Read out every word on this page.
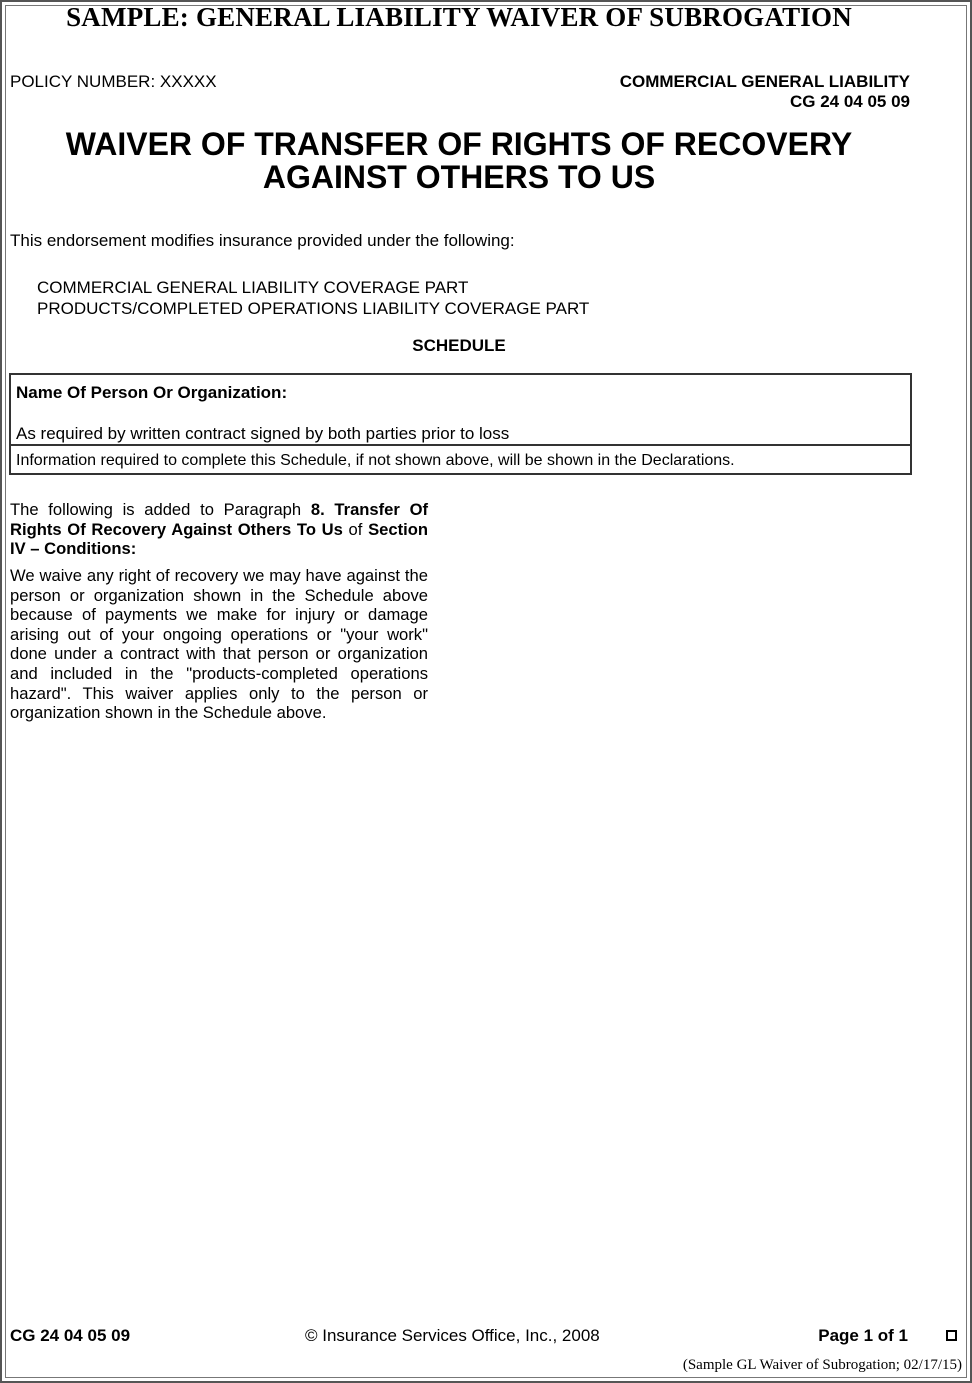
SAMPLE: GENERAL LIABILITY WAIVER OF SUBROGATION
POLICY NUMBER: XXXXX	COMMERCIAL GENERAL LIABILITY
CG 24 04 05 09
WAIVER OF TRANSFER OF RIGHTS OF RECOVERY
AGAINST OTHERS TO US
This endorsement modifies insurance provided under the following:
COMMERCIAL GENERAL LIABILITY COVERAGE PART
PRODUCTS/COMPLETED OPERATIONS LIABILITY COVERAGE PART
SCHEDULE
Name Of Person Or Organization:
As required by written contract signed by both parties prior to loss
Information required to complete this Schedule, if not shown above, will be shown in the Declarations.

The following is added to Paragraph 8. Transfer Of Rights Of Recovery Against Others To Us of Section IV – Conditions:

We waive any right of recovery we may have against the person or organization shown in the Schedule above because of payments we make for injury or damage arising out of your ongoing operations or "your work" done under a contract with that person or organization and included in the "products-completed operations hazard". This waiver applies only to the person or organization shown in the Schedule above.

CG 24 04 05 09	© Insurance Services Office, Inc., 2008	Page 1 of 1
(Sample GL Waiver of Subrogation; 02/17/15)
